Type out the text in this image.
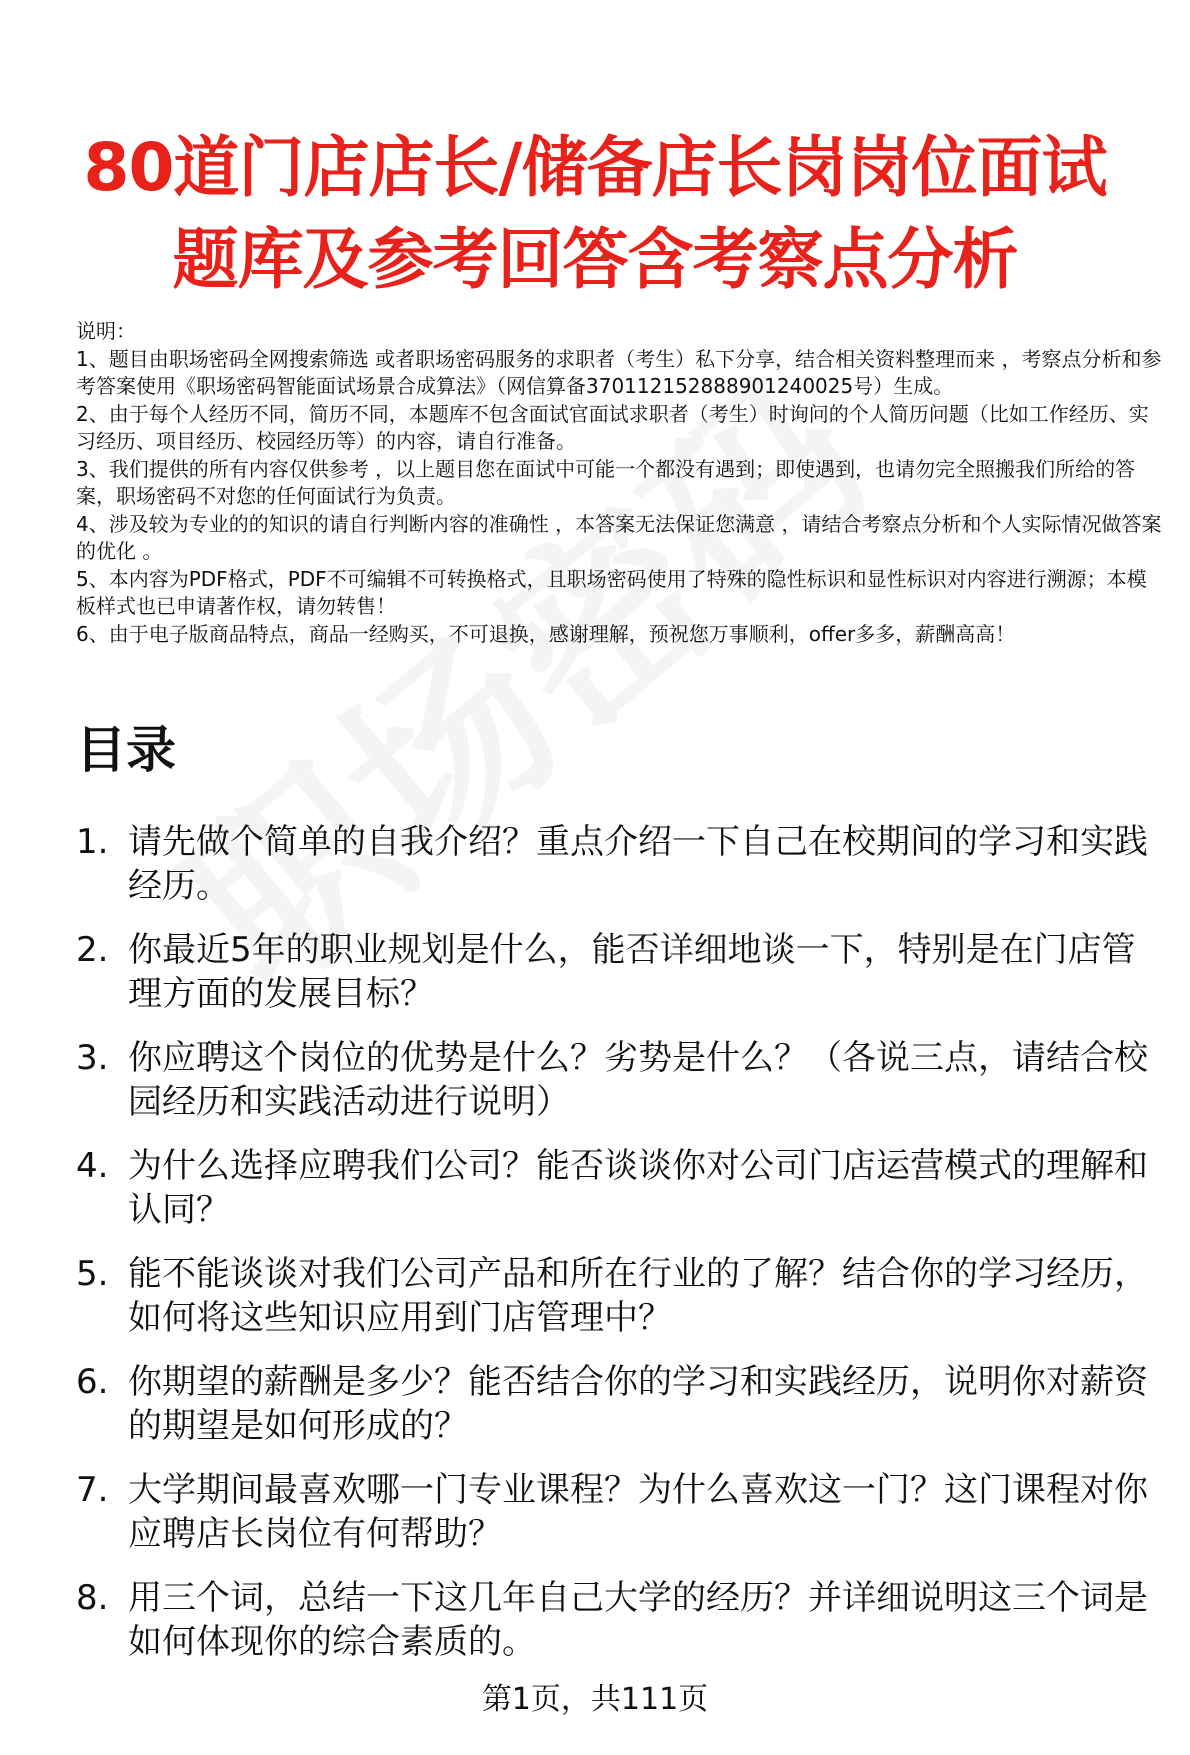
80道门店店长/储备店长岗岗位面试
题库及参考回答含考察点分析

说明：

1、题目由职场密码全网搜索筛选 或者职场密码服务的求职者（考生）私下分享，结合相关资料整理而来 ，考察点分析和参考答案使用《职场密码智能面试场景合成算法》（网信算备370112152888901240025号）生成。

2、由于每个人经历不同，简历不同，本题库不包含面试官面试求职者（考生）时询问的个人简历问题（比如工作经历、实习经历、项目经历、校园经历等）的内容，请自行准备。

3、我们提供的所有内容仅供参考 ，以上题目您在面试中可能一个都没有遇到；即使遇到，也请勿完全照搬我们所给的答案，职场密码不对您的任何面试行为负责。

4、涉及较为专业的的知识的请自行判断内容的准确性 ，本答案无法保证您满意 ，请结合考察点分析和个人实际情况做答案的优化 。

5、本内容为PDF格式，PDF不可编辑不可转换格式，且职场密码使用了特殊的隐性标识和显性标识对内容进行溯源；本模板样式也已申请著作权，请勿转售！

6、由于电子版商品特点，商品一经购买，不可退换，感谢理解，预祝您万事顺利，offer多多，薪酬高高！

目录
1. 请先做个简单的自我介绍？重点介绍一下自己在校期间的学习和实践经历。
2. 你最近5年的职业规划是什么，能否详细地谈一下，特别是在门店管理方面的发展目标？
3. 你应聘这个岗位的优势是什么？劣势是什么？（各说三点，请结合校园经历和实践活动进行说明）
4. 为什么选择应聘我们公司？能否谈谈你对公司门店运营模式的理解和认同？
5. 能不能谈谈对我们公司产品和所在行业的了解？结合你的学习经历，如何将这些知识应用到门店管理中？
6. 你期望的薪酬是多少？能否结合你的学习和实践经历，说明你对薪资的期望是如何形成的？
7. 大学期间最喜欢哪一门专业课程？为什么喜欢这一门？这门课程对你应聘店长岗位有何帮助？
8. 用三个词，总结一下这几年自己大学的经历？并详细说明这三个词是如何体现你的综合素质的。
第1页，共111页
